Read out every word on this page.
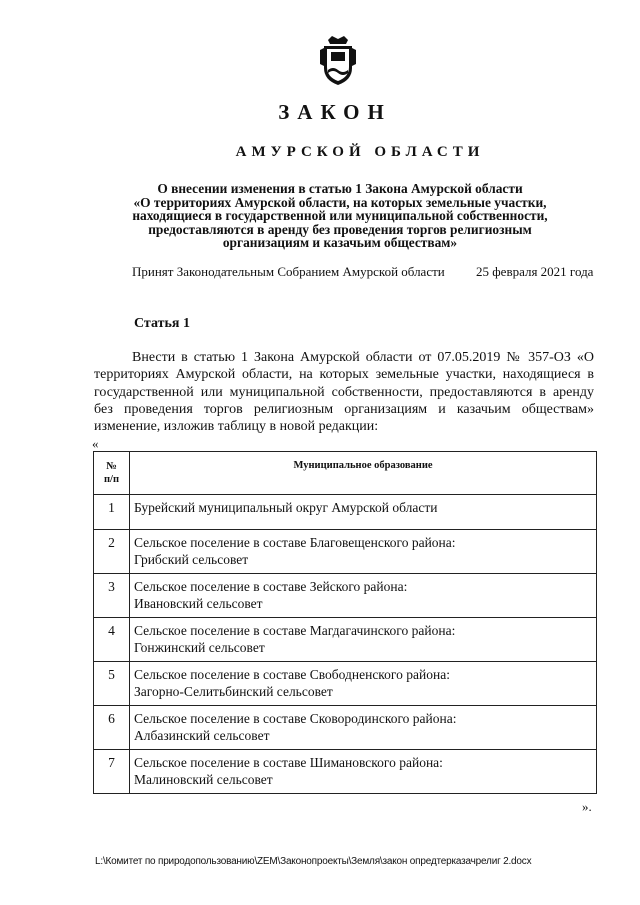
ЗАКОН
АМУРСКОЙ ОБЛАСТИ
О внесении изменения в статью 1 Закона Амурской области
«О территориях Амурской области, на которых земельные участки,
находящиеся в государственной или муниципальной собственности,
предоставляются в аренду без проведения торгов религиозным
организациям и казачьим обществам»
Принят Законодательным Собранием Амурской области 25 февраля 2021 года
Статья 1
Внести в статью 1 Закона Амурской области от 07.05.2019 № 357-ОЗ «О территориях Амурской области, на которых земельные участки, находящиеся в государственной или муниципальной собственности, предоставляются в аренду без проведения торгов религиозным организациям и казачьим обществам» изменение, изложив таблицу в новой редакции:
«
№
п/п	Муниципальное образование
1	Бурейский муниципальный округ Амурской области

2	Сельское поселение в составе Благовещенского района:
Грибский сельсовет

3	Сельское поселение в составе Зейского района:
Ивановский сельсовет

4	Сельское поселение в составе Магдагачинского района:
Гонжинский сельсовет

5	Сельское поселение в составе Свободненского района:
Загорно-Селитьбинский сельсовет

6	Сельское поселение в составе Сковородинского района:
Албазинский сельсовет

7	Сельское поселение в составе Шимановского района:
Малиновский сельсовет
».
L:\Комитет по природопользованию\ZEM\Законопроекты\Земля\закон опредтерказачрелиг 2.docx
